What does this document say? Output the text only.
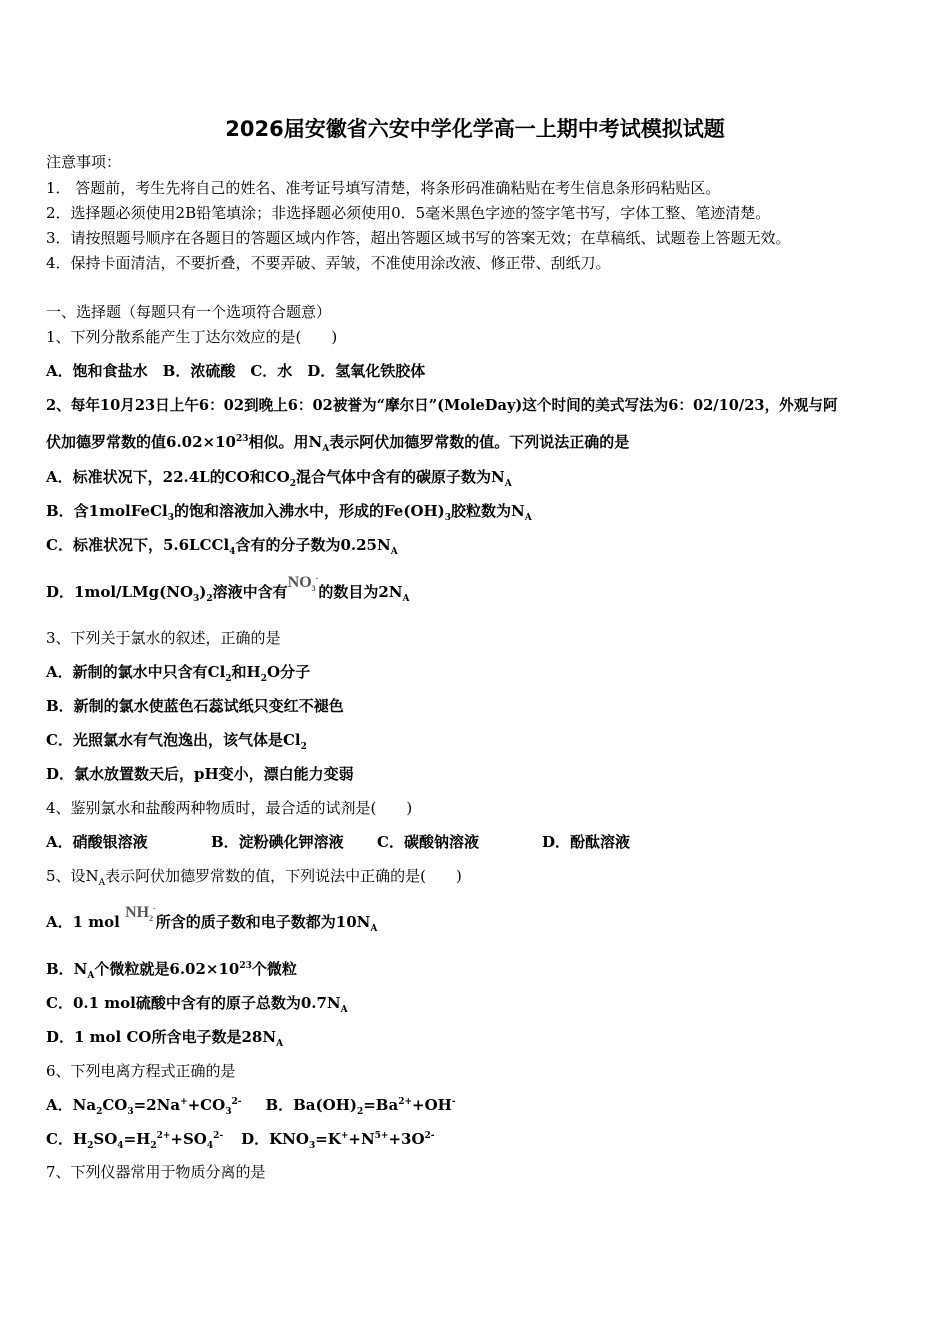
2026届安徽省六安中学化学高一上期中考试模拟试题
注意事项：
1． 答题前，考生先将自己的姓名、准考证号填写清楚，将条形码准确粘贴在考生信息条形码粘贴区。
2．选择题必须使用2B铅笔填涂；非选择题必须使用0．5毫米黑色字迹的签字笔书写，字体工整、笔迹清楚。
3．请按照题号顺序在各题目的答题区域内作答，超出答题区域书写的答案无效；在草稿纸、试题卷上答题无效。
4．保持卡面清洁，不要折叠，不要弄破、弄皱，不准使用涂改液、修正带、刮纸刀。
一、选择题（每题只有一个选项符合题意）
1、下列分散系能产生丁达尔效应的是(　　)
A．饱和食盐水　B．浓硫酸　C．水　D．氢氧化铁胶体
2、每年10月23日上午6：02到晚上6：02被誉为“摩尔日”(MoleDay)这个时间的美式写法为6：02/10/23，外观与阿
伏加德罗常数的值$6.02\times 10^{23}$相似。用$N_A$表示阿伏加德罗常数的值。下列说法正确的是
A．标准状况下，22.4L的CO和$CO_2$混合气体中含有的碳原子数为$N_A$
B．含1molFeCl$_3$的饱和溶液加入沸水中，形成的$Fe(OH)_3$胶粒数为$N_A$
C．标准状况下，5.6LCCl$_4$含有的分子数为$0.25N_A$
D．$1mol/LMg(NO_3)_2$溶液中含有$NO_3^-$的数目为$2N_A$
3、下列关于氯水的叙述，正确的是
A．新制的氯水中只含有$Cl_2$和$H_2O$分子
B．新制的氯水使蓝色石蕊试纸只变红不褪色
C．光照氯水有气泡逸出，该气体是$Cl_2$
D．氯水放置数天后，pH变小，漂白能力变弱
4、鉴别氯水和盐酸两种物质时，最合适的试剂是(　　)
A．硝酸银溶液	B．淀粉碘化钾溶液 C．碳酸钠溶液	D．酚酞溶液
5、设$N_A$表示阿伏加德罗常数的值，下列说法中正确的是(　　)
A．1 mol $NH_2^-$所含的质子数和电子数都为$10N_A$
B．$N_A$个微粒就是$6.02\times 10^{23}$个微粒
C．0.1 mol硫酸中含有的原子总数为$0.7N_A$
D．1 mol CO所含电子数是$28N_A$
6、下列电离方程式正确的是
A．$Na_2CO_3=2Na^++CO_3^{2-}$ B．$Ba(OH)_2=Ba^{2+}+OH^-$
C．$H_2SO_4=H_2^{2+}+SO_4^{2-}$ D．$KNO_3=K^++N^{5+}+3O^{2-}$
7、下列仪器常用于物质分离的是
